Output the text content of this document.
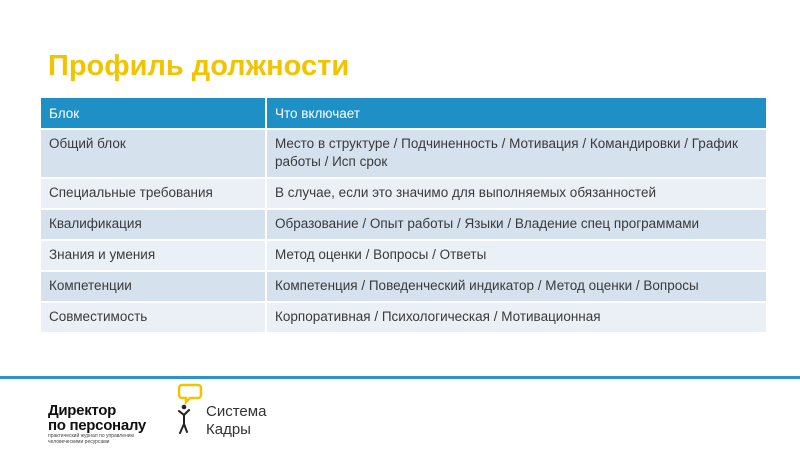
Профиль должности
Блок	Что включает
Общий блок	Место в структуре / Подчиненность / Мотивация / Командировки / График работы / Исп срок
Специальные требования	В случае, если это значимо для выполняемых обязанностей
Квалификация	Образование / Опыт работы / Языки / Владение спец программами
Знания и умения	Метод оценки / Вопросы / Ответы
Компетенции	Компетенция / Поведенческий индикатор / Метод оценки / Вопросы
Совместимость	Корпоративная / Психологическая / Мотивационная
Директор
по персоналу
практический журнал по управлению человеческими ресурсами
Система
Кадры
